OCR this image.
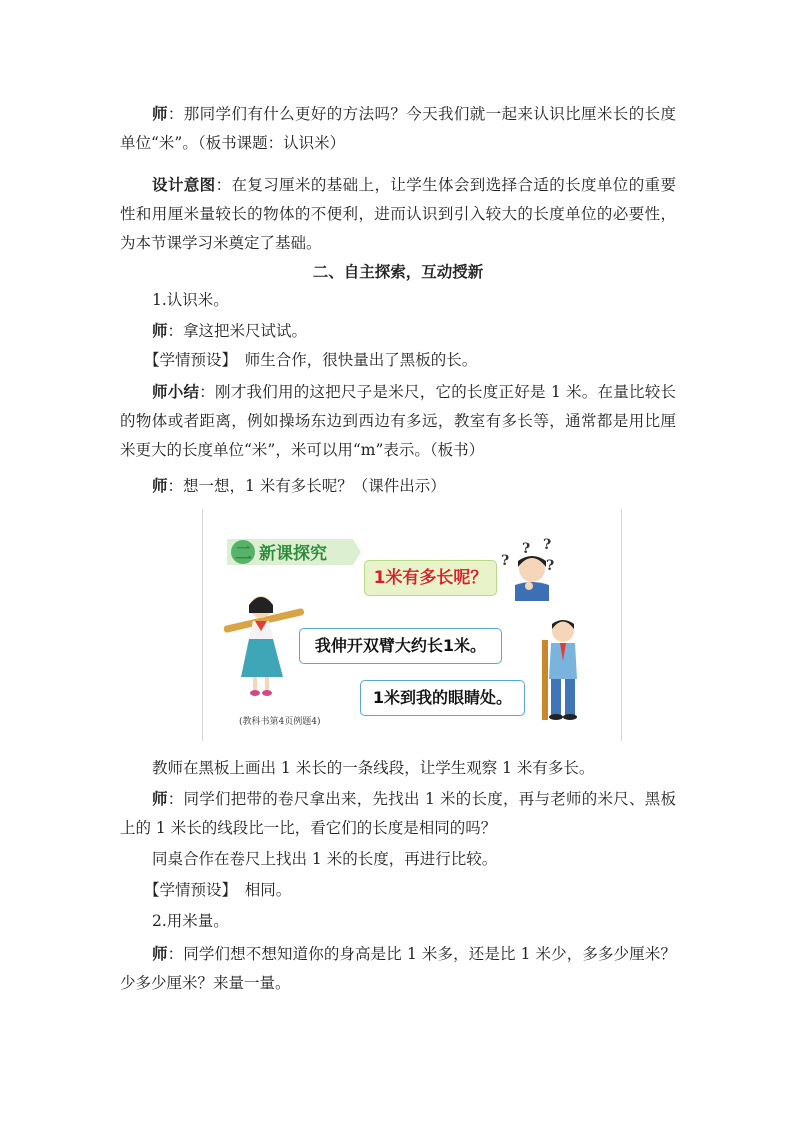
师：那同学们有什么更好的方法吗？今天我们就一起来认识比厘米长的长度单位“米”。（板书课题：认识米）

设计意图：在复习厘米的基础上，让学生体会到选择合适的长度单位的重要性和用厘米量较长的物体的不便利，进而认识到引入较大的长度单位的必要性，为本节课学习米奠定了基础。

二、自主探索，互动授新

1.认识米。

师：拿这把米尺试试。

【学情预设】　师生合作，很快量出了黑板的长。

师小结：刚才我们用的这把尺子是米尺，它的长度正好是 1 米。在量比较长的物体或者距离，例如操场东边到西边有多远，教室有多长等，通常都是用比厘米更大的长度单位“米”，米可以用“m”表示。（板书）

师：想一想，1 米有多长呢？（课件出示）

二 新课探究	?
? ?
?
1米有多长呢？
我伸开双臂大约长1米。
1米到我的眼睛处。
(教科书第4页例题4)

教师在黑板上画出 1 米长的一条线段，让学生观察 1 米有多长。

师：同学们把带的卷尺拿出来，先找出 1 米的长度，再与老师的米尺、黑板上的 1 米长的线段比一比，看它们的长度是相同的吗？

同桌合作在卷尺上找出 1 米的长度，再进行比较。

【学情预设】　相同。

2.用米量。

师：同学们想不想知道你的身高是比 1 米多，还是比 1 米少，多多少厘米？少多少厘米？来量一量。
